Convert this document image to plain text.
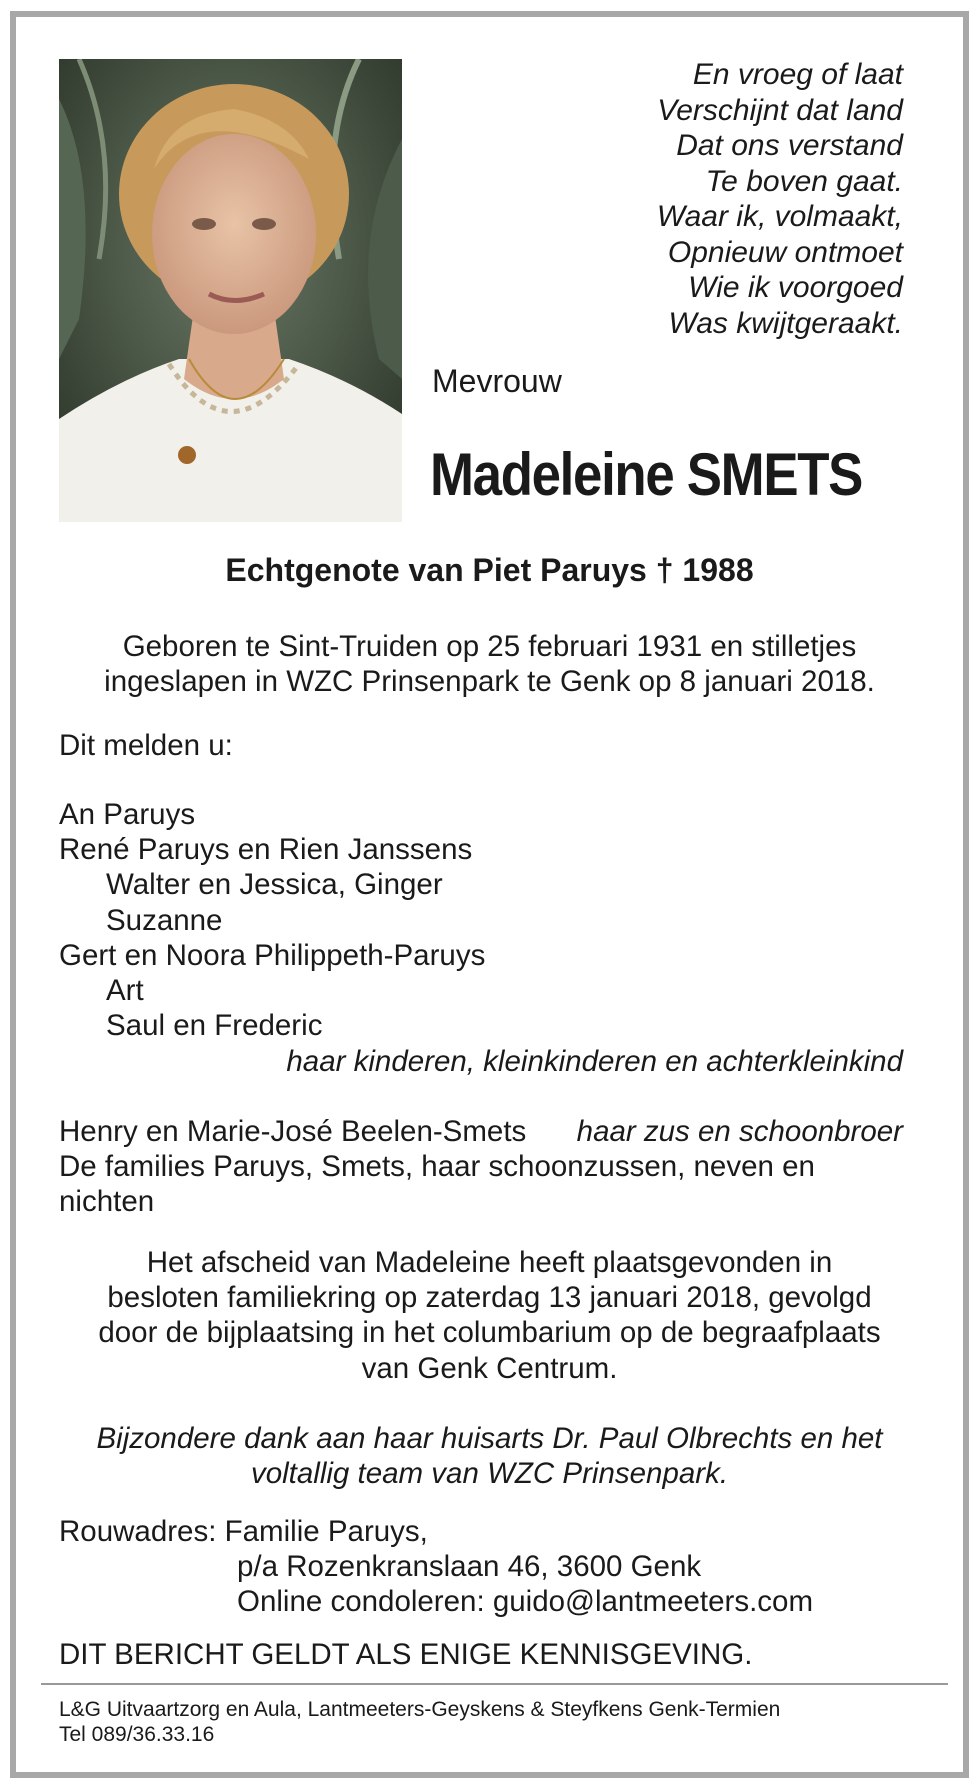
En vroeg of laat
Verschijnt dat land
Dat ons verstand
Te boven gaat.
Waar ik, volmaakt,
Opnieuw ontmoet
Wie ik voorgoed
Was kwijtgeraakt.
Mevrouw
Madeleine SMETS
Echtgenote van Piet Paruys † 1988
Geboren te Sint-Truiden op 25 februari 1931 en stilletjes
ingeslapen in WZC Prinsenpark te Genk op 8 januari 2018.
Dit melden u:
An Paruys
René Paruys en Rien Janssens
Walter en Jessica, Ginger
Suzanne
Gert en Noora Philippeth-Paruys
Art
Saul en Frederic
haar kinderen, kleinkinderen en achterkleinkind
Henry en Marie-José Beelen-Smets haar zus en schoonbroer
De families Paruys, Smets, haar schoonzussen, neven en
nichten
Het afscheid van Madeleine heeft plaatsgevonden in
besloten familiekring op zaterdag 13 januari 2018, gevolgd
door de bijplaatsing in het columbarium op de begraafplaats
van Genk Centrum.
Bijzondere dank aan haar huisarts Dr. Paul Olbrechts en het
voltallig team van WZC Prinsenpark.
Rouwadres: Familie Paruys,
p/a Rozenkranslaan 46, 3600 Genk
Online condoleren: guido@lantmeeters.com
DIT BERICHT GELDT ALS ENIGE KENNISGEVING.
L&G Uitvaartzorg en Aula, Lantmeeters-Geyskens & Steyfkens Genk-Termien
Tel 089/36.33.16
